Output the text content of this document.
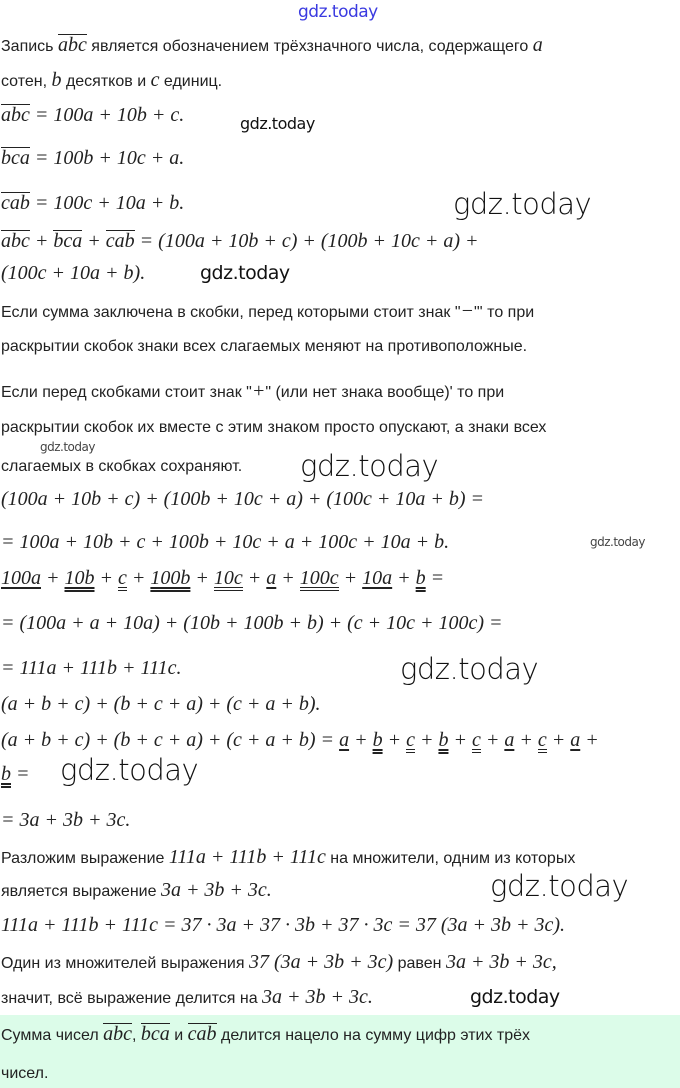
gdz.today
Запись abc является обозначением трёхзначного числа, содержащего a
сотен, b десятков и c единиц.
abc = 100a + 10b + c.
bca = 100b + 10c + a.
cab = 100c + 10a + b.
abc + bca + cab = (100a + 10b + c) + (100b + 10c + a) +
(100c + 10a + b).
Если сумма заключена в скобки, перед которыми стоит знак "−"' то при
раскрытии скобок знаки всех слагаемых меняют на противоположные.
Если перед скобками стоит знак "+" (или нет знака вообще)' то при
раскрытии скобок их вместе с этим знаком просто опускают, а знаки всех
слагаемых в скобках сохраняют.
(100a + 10b + c) + (100b + 10c + a) + (100c + 10a + b) =
= 100a + 10b + c + 100b + 10c + a + 100c + 10a + b.
100a + 10b + c + 100b + 10c + a + 100c + 10a + b =
= (100a + a + 10a) + (10b + 100b + b) + (c + 10c + 100c) =
= 111a + 111b + 111c.
(a + b + c) + (b + c + a) + (c + a + b).
(a + b + c) + (b + c + a) + (c + a + b) = a + b + c + b + c + a + c + a +
b =
= 3a + 3b + 3c.
Разложим выражение 111a + 111b + 111c на множители, одним из которых
является выражение 3a + 3b + 3c.
111a + 111b + 111c = 37 · 3a + 37 · 3b + 37 · 3c = 37 (3a + 3b + 3c).
Один из множителей выражения 37 (3a + 3b + 3c) равен 3a + 3b + 3c,
значит, всё выражение делится на 3a + 3b + 3c.
Сумма чисел abc, bca и cab делится нацело на сумму цифр этих трёх
чисел.
gdz.today
gdz.today
gdz.today
gdz.today
gdz.today
gdz.today
gdz.today
gdz.today
gdz.today
gdz.today
